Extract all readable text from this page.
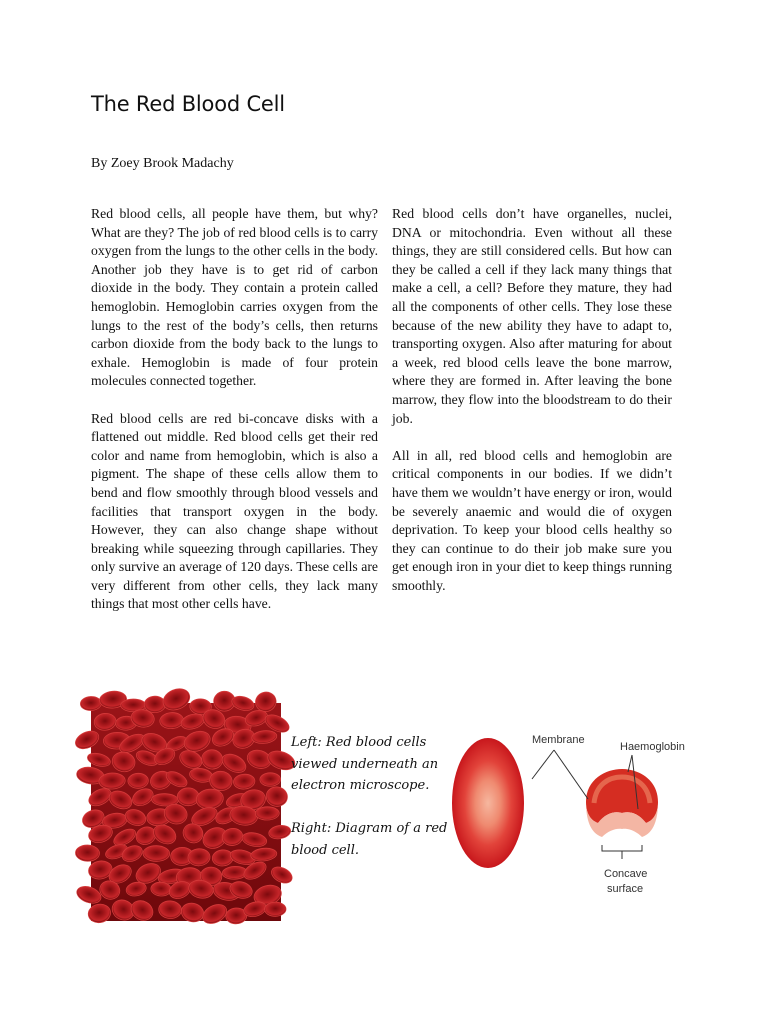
The Red Blood Cell

By Zoey Brook Madachy

Red blood cells, all people have them, but why? What are they? The job of red blood cells is to carry oxygen from the lungs to the other cells in the body. Another job they have is to get rid of carbon dioxide in the body. They contain a protein called hemoglobin. Hemoglobin carries oxygen from the lungs to the rest of the body’s cells, then returns carbon dioxide from the body back to the lungs to exhale. Hemoglobin is made of four protein molecules connected together.

Red blood cells are red bi-concave disks with a flattened out middle. Red blood cells get their red color and name from hemoglobin, which is also a pigment. The shape of these cells allow them to bend and flow smoothly through blood vessels and facilities that transport oxygen in the body. However, they can also change shape without breaking while squeezing through capillaries. They only survive an average of 120 days. These cells are very different from other cells, they lack many things that most other cells have.

Red blood cells don’t have organelles, nuclei, DNA or mitochondria. Even without all these things, they are still considered cells. But how can they be called a cell if they lack many things that make a cell, a cell? Before they mature, they had all the components of other cells. They lose these because of the new ability they have to adapt to, transporting oxygen. Also after maturing for about a week, red blood cells leave the bone marrow, where they are formed in. After leaving the bone marrow, they flow into the bloodstream to do their job.

All in all, red blood cells and hemoglobin are critical components in our bodies. If we didn’t have them we wouldn’t have energy or iron, would be severely anaemic and would die of oxygen deprivation. To keep your blood cells healthy so they can continue to do their job make sure you get enough iron in your diet to keep things running smoothly.

Left: Red blood cells viewed underneath an electron microscope.

Right: Diagram of a red blood cell.

Membrane
Haemoglobin
Concave
surface
